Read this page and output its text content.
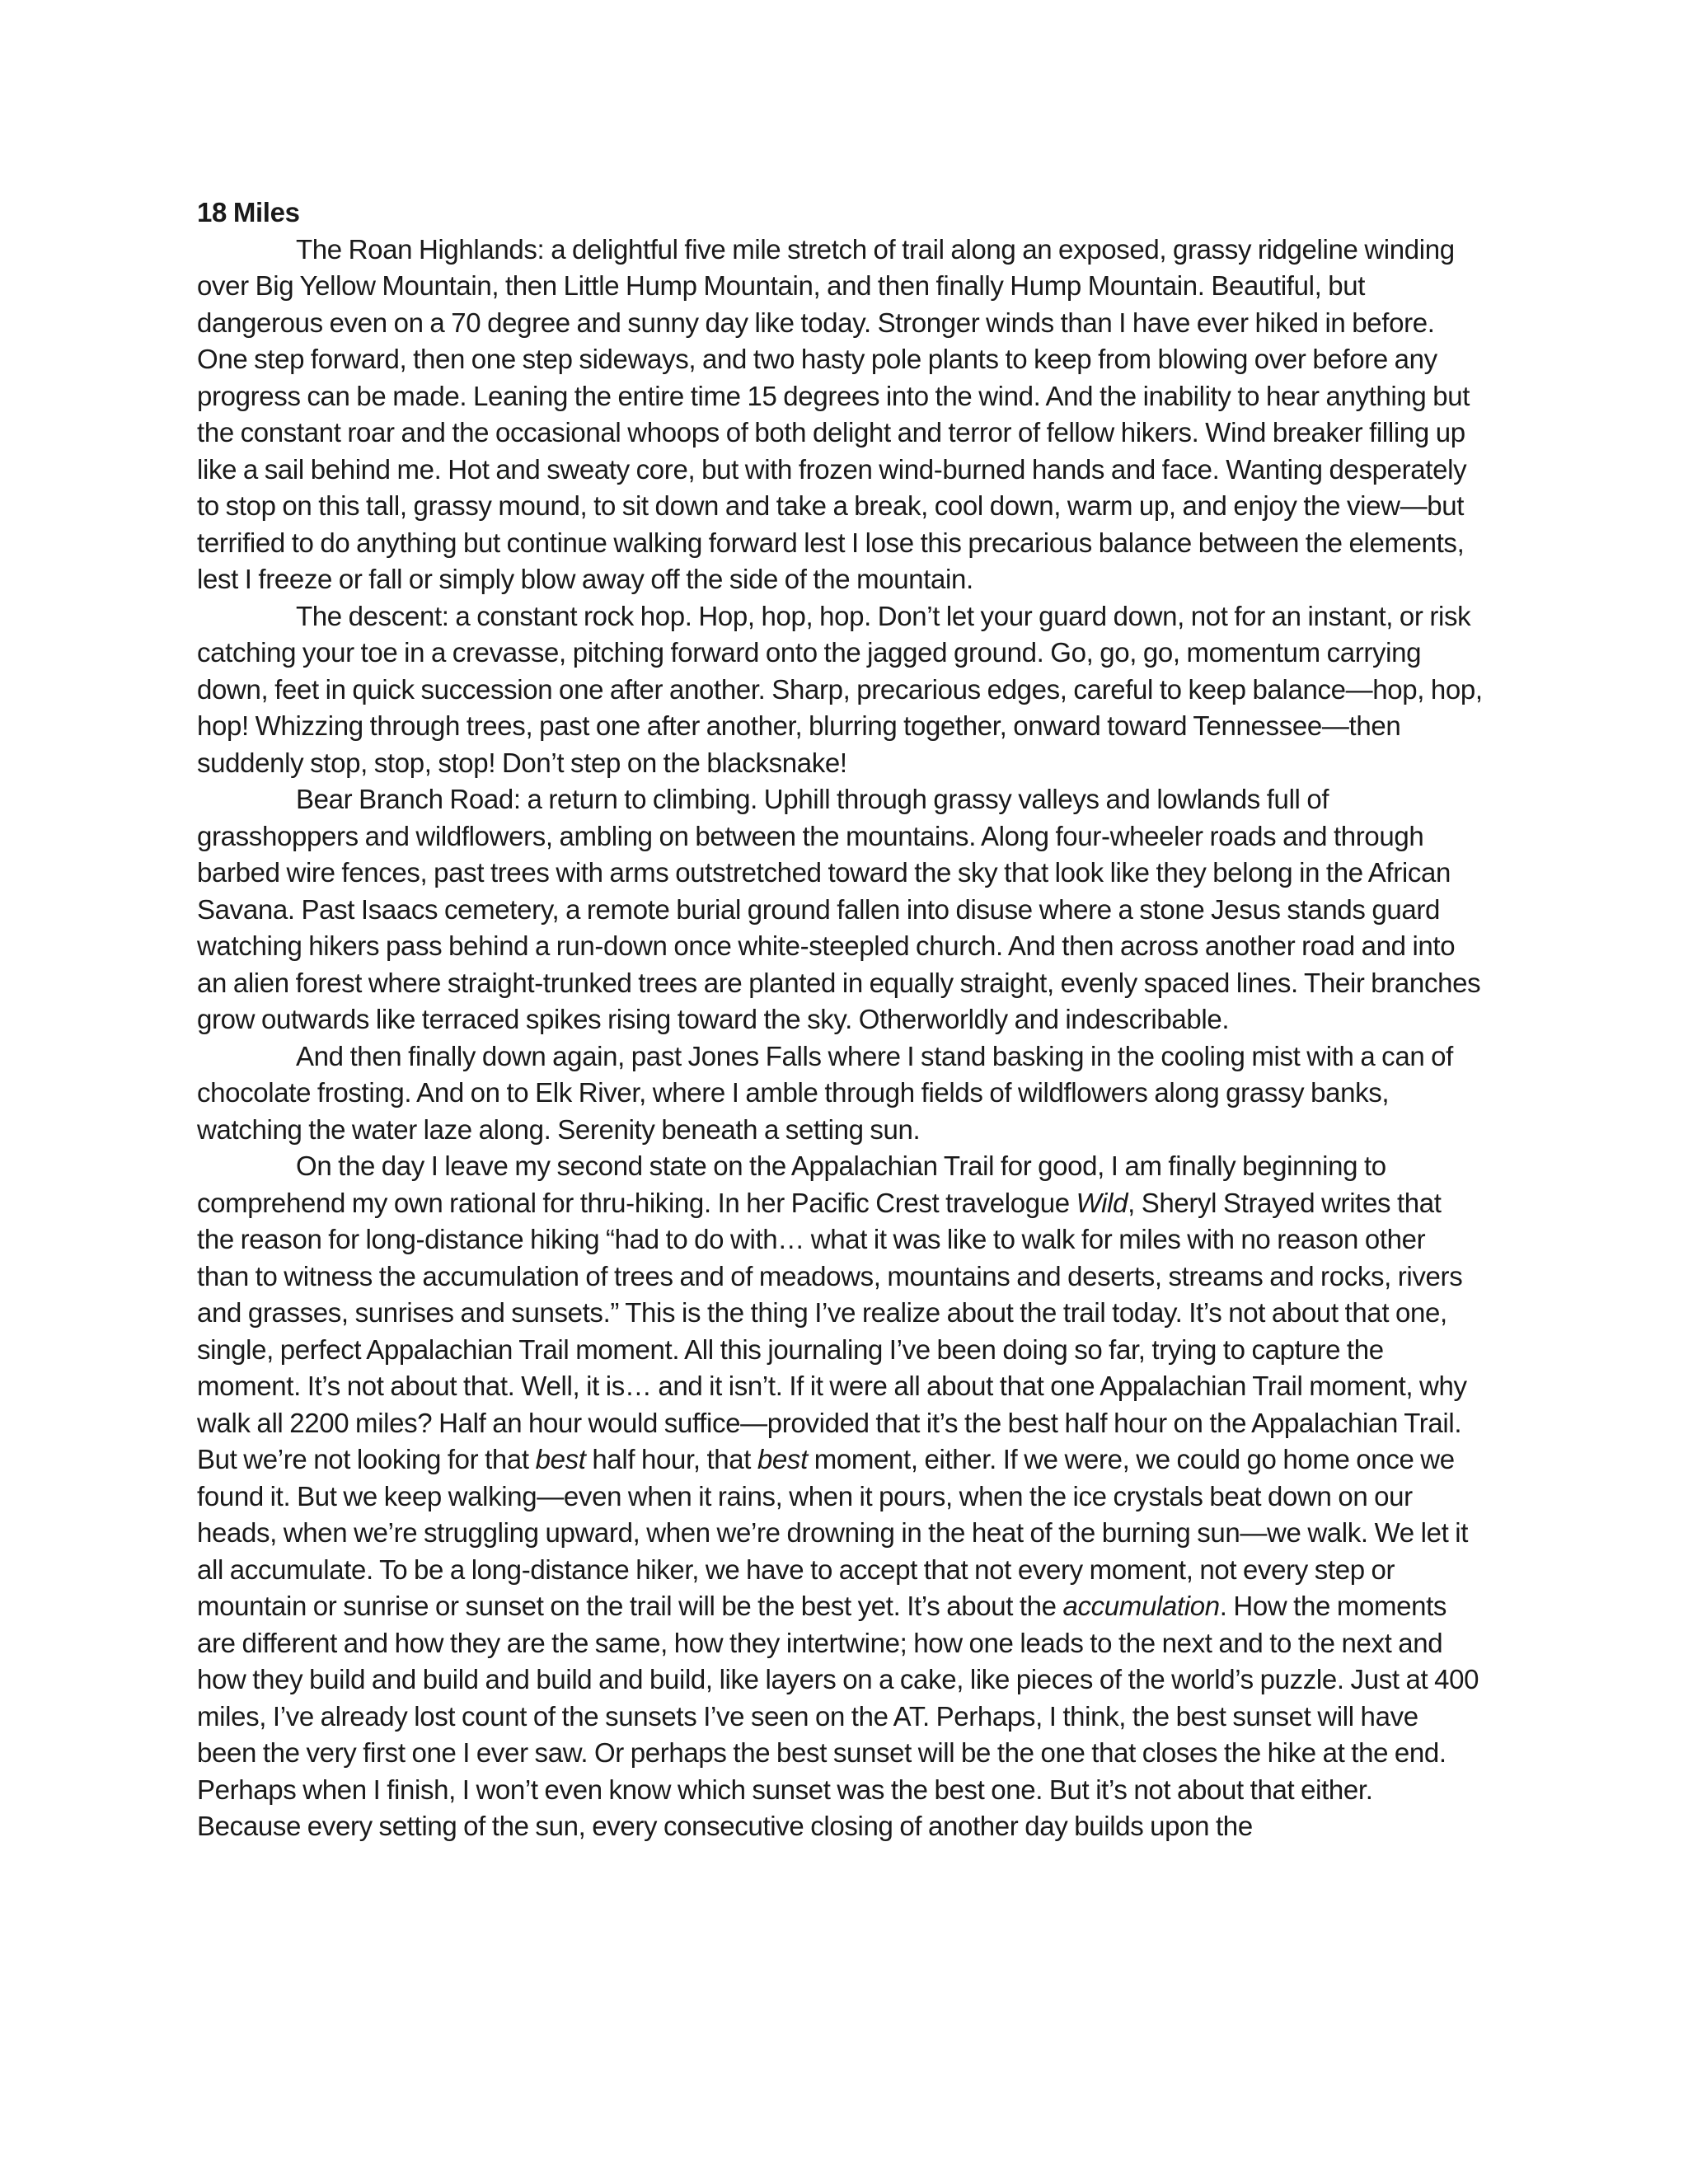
18 Miles

The Roan Highlands: a delightful five mile stretch of trail along an exposed, grassy ridgeline winding over Big Yellow Mountain, then Little Hump Mountain, and then finally Hump Mountain. Beautiful, but dangerous even on a 70 degree and sunny day like today. Stronger winds than I have ever hiked in before. One step forward, then one step sideways, and two hasty pole plants to keep from blowing over before any progress can be made. Leaning the entire time 15 degrees into the wind. And the inability to hear anything but the constant roar and the occasional whoops of both delight and terror of fellow hikers. Wind breaker filling up like a sail behind me. Hot and sweaty core, but with frozen wind-burned hands and face. Wanting desperately to stop on this tall, grassy mound, to sit down and take a break, cool down, warm up, and enjoy the view—but terrified to do anything but continue walking forward lest I lose this precarious balance between the elements, lest I freeze or fall or simply blow away off the side of the mountain.

The descent: a constant rock hop. Hop, hop, hop. Don’t let your guard down, not for an instant, or risk catching your toe in a crevasse, pitching forward onto the jagged ground. Go, go, go, momentum carrying down, feet in quick succession one after another. Sharp, precarious edges, careful to keep balance—hop, hop, hop! Whizzing through trees, past one after another, blurring together, onward toward Tennessee—then suddenly stop, stop, stop! Don’t step on the blacksnake!

Bear Branch Road: a return to climbing. Uphill through grassy valleys and lowlands full of grasshoppers and wildflowers, ambling on between the mountains. Along four-wheeler roads and through barbed wire fences, past trees with arms outstretched toward the sky that look like they belong in the African Savana. Past Isaacs cemetery, a remote burial ground fallen into disuse where a stone Jesus stands guard watching hikers pass behind a run-down once white-steepled church. And then across another road and into an alien forest where straight-trunked trees are planted in equally straight, evenly spaced lines. Their branches grow outwards like terraced spikes rising toward the sky. Otherworldly and indescribable.

And then finally down again, past Jones Falls where I stand basking in the cooling mist with a can of chocolate frosting. And on to Elk River, where I amble through fields of wildflowers along grassy banks, watching the water laze along. Serenity beneath a setting sun.

On the day I leave my second state on the Appalachian Trail for good, I am finally beginning to comprehend my own rational for thru-hiking. In her Pacific Crest travelogue Wild, Sheryl Strayed writes that the reason for long-distance hiking “had to do with… what it was like to walk for miles with no reason other than to witness the accumulation of trees and of meadows, mountains and deserts, streams and rocks, rivers and grasses, sunrises and sunsets.” This is the thing I’ve realize about the trail today. It’s not about that one, single, perfect Appalachian Trail moment. All this journaling I’ve been doing so far, trying to capture the moment. It’s not about that. Well, it is… and it isn’t. If it were all about that one Appalachian Trail moment, why walk all 2200 miles? Half an hour would suffice—provided that it’s the best half hour on the Appalachian Trail. But we’re not looking for that best half hour, that best moment, either. If we were, we could go home once we found it. But we keep walking—even when it rains, when it pours, when the ice crystals beat down on our heads, when we’re struggling upward, when we’re drowning in the heat of the burning sun—we walk. We let it all accumulate. To be a long-distance hiker, we have to accept that not every moment, not every step or mountain or sunrise or sunset on the trail will be the best yet. It’s about the accumulation. How the moments are different and how they are the same, how they intertwine; how one leads to the next and to the next and how they build and build and build and build, like layers on a cake, like pieces of the world’s puzzle. Just at 400 miles, I’ve already lost count of the sunsets I’ve seen on the AT. Perhaps, I think, the best sunset will have been the very first one I ever saw. Or perhaps the best sunset will be the one that closes the hike at the end. Perhaps when I finish, I won’t even know which sunset was the best one. But it’s not about that either. Because every setting of the sun, every consecutive closing of another day builds upon the
